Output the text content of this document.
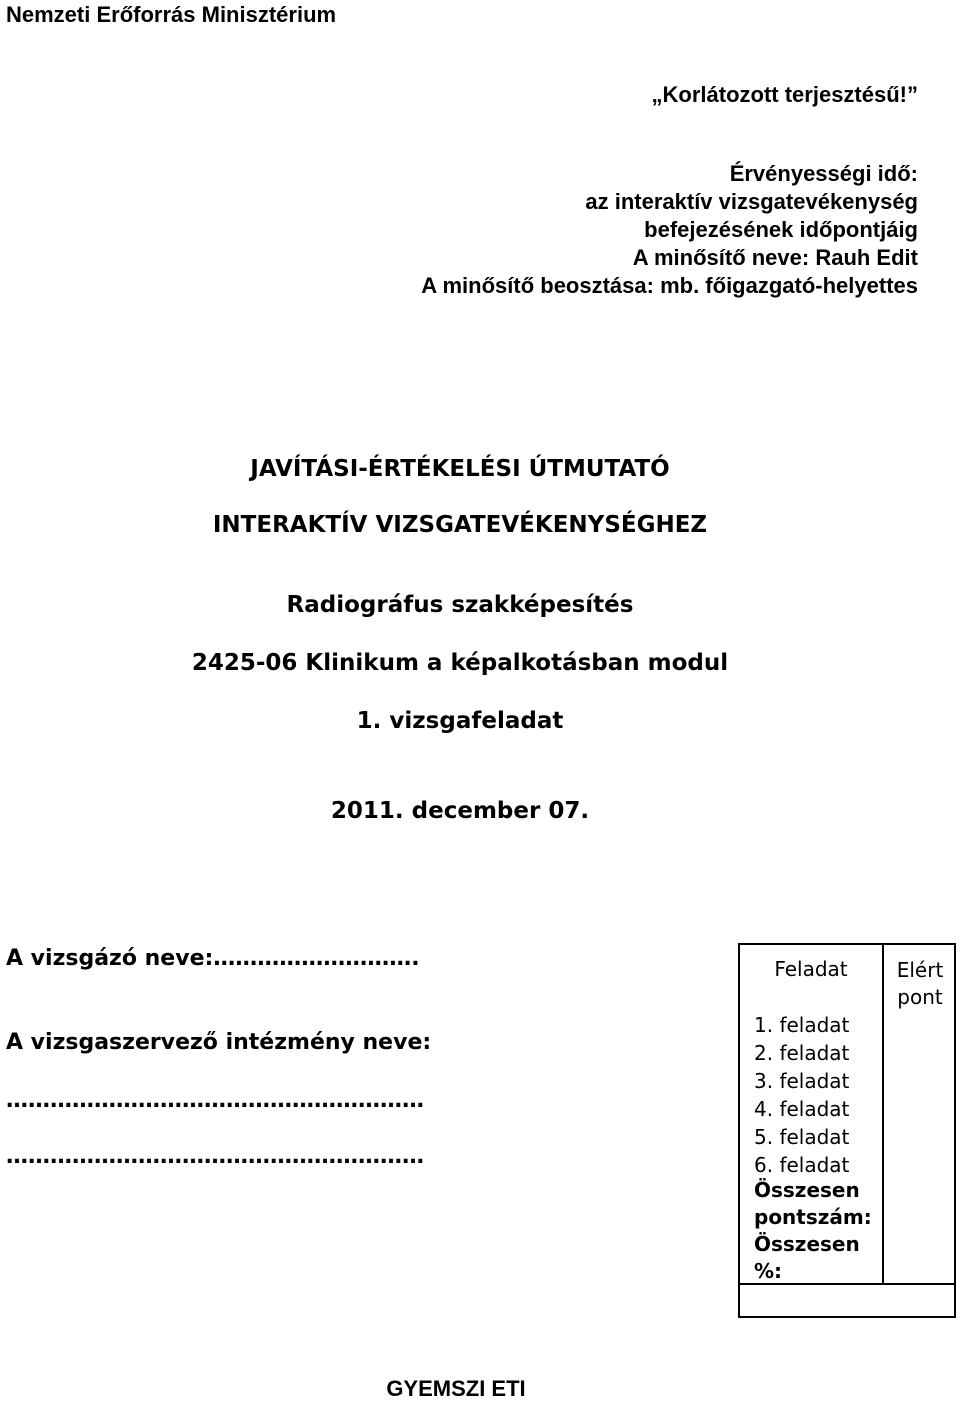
Nemzeti Erőforrás Minisztérium
„Korlátozott terjesztésű!”
Érvényességi idő:
az interaktív vizsgatevékenység
befejezésének időpontjáig
A minősítő neve: Rauh Edit
A minősítő beosztása: mb. főigazgató-helyettes
JAVÍTÁSI-ÉRTÉKELÉSI ÚTMUTATÓ
INTERAKTÍV VIZSGATEVÉKENYSÉGHEZ
Radiográfus szakképesítés
2425-06 Klinikum a képalkotásban modul
1. vizsgafeladat
2011. december 07.
A vizsgázó neve:……………………….
A vizsgaszervező intézmény neve:
…………………………………………………
…………………………………………………
Feladat	Elért
pont
1. feladat
2. feladat
3. feladat
4. feladat
5. feladat
6. feladat
Összesen
pontszám:
Összesen
%:
GYEMSZI ETI
